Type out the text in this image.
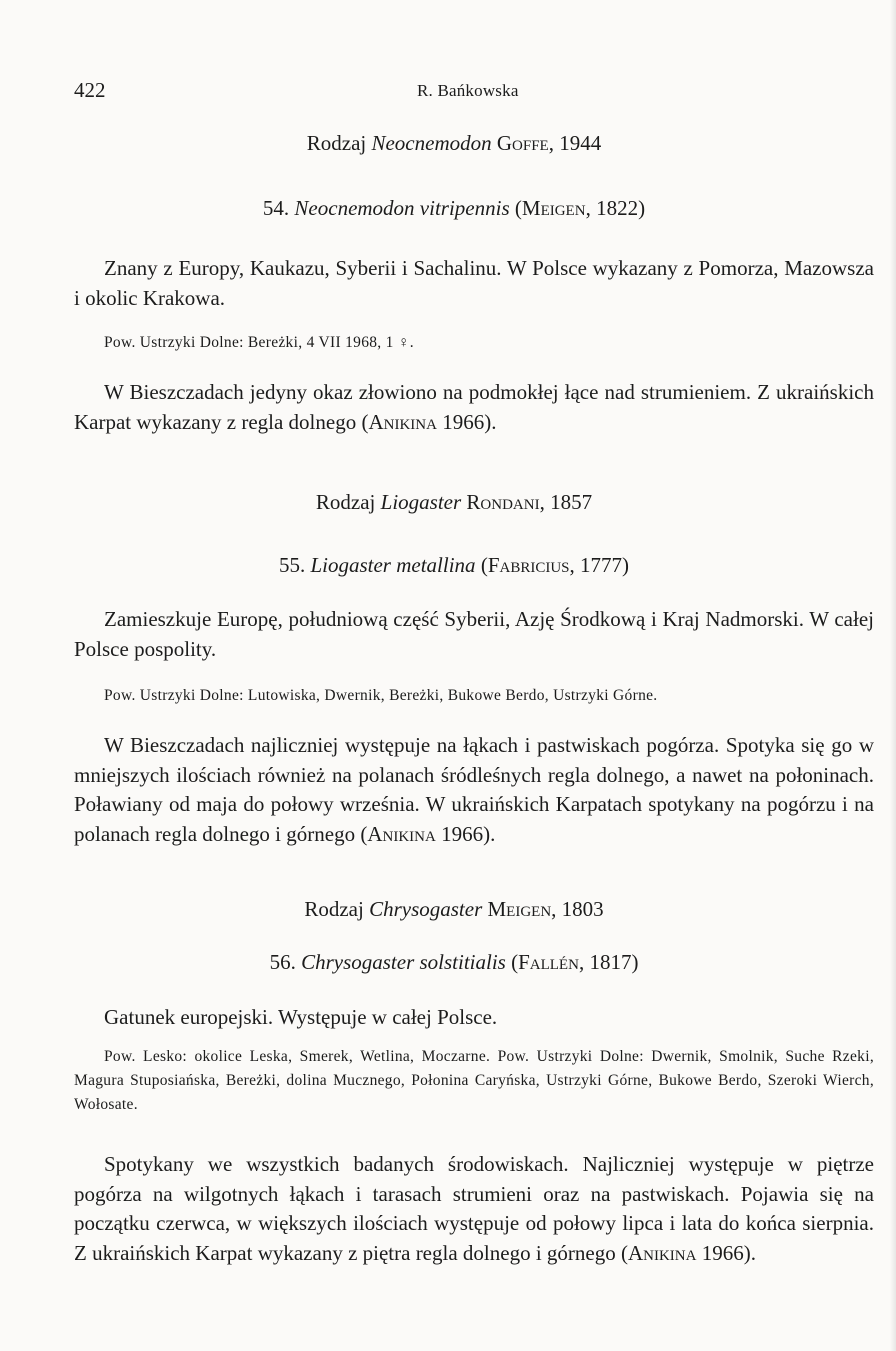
422	R. Bańkowska
Rodzaj Neocnemodon Goffe, 1944
54. Neocnemodon vitripennis (Meigen, 1822)

Znany z Europy, Kaukazu, Syberii i Sachalinu. W Polsce wykazany z Pomorza, Mazowsza i okolic Krakowa.

Pow. Ustrzyki Dolne: Bereżki, 4 VII 1968, 1 ♀.

W Bieszczadach jedyny okaz złowiono na podmokłej łące nad strumieniem. Z ukraińskich Karpat wykazany z regla dolnego (Anikina 1966).

Rodzaj Liogaster Rondani, 1857
55. Liogaster metallina (Fabricius, 1777)

Zamieszkuje Europę, południową część Syberii, Azję Środkową i Kraj Nadmorski. W całej Polsce pospolity.

Pow. Ustrzyki Dolne: Lutowiska, Dwernik, Bereżki, Bukowe Berdo, Ustrzyki Górne.

W Bieszczadach najliczniej występuje na łąkach i pastwiskach pogórza. Spotyka się go w mniejszych ilościach również na polanach śródleśnych regla dolnego, a nawet na połoninach. Poławiany od maja do połowy września. W ukraińskich Karpatach spotykany na pogórzu i na polanach regla dolnego i górnego (Anikina 1966).

Rodzaj Chrysogaster Meigen, 1803
56. Chrysogaster solstitialis (Fallén, 1817)

Gatunek europejski. Występuje w całej Polsce.

Pow. Lesko: okolice Leska, Smerek, Wetlina, Moczarne. Pow. Ustrzyki Dolne: Dwernik, Smolnik, Suche Rzeki, Magura Stuposiańska, Bereżki, dolina Mucznego, Połonina Caryńska, Ustrzyki Górne, Bukowe Berdo, Szeroki Wierch, Wołosate.

Spotykany we wszystkich badanych środowiskach. Najliczniej występuje w piętrze pogórza na wilgotnych łąkach i tarasach strumieni oraz na pastwiskach. Pojawia się na początku czerwca, w większych ilościach występuje od połowy lipca i lata do końca sierpnia. Z ukraińskich Karpat wykazany z piętra regla dolnego i górnego (Anikina 1966).
